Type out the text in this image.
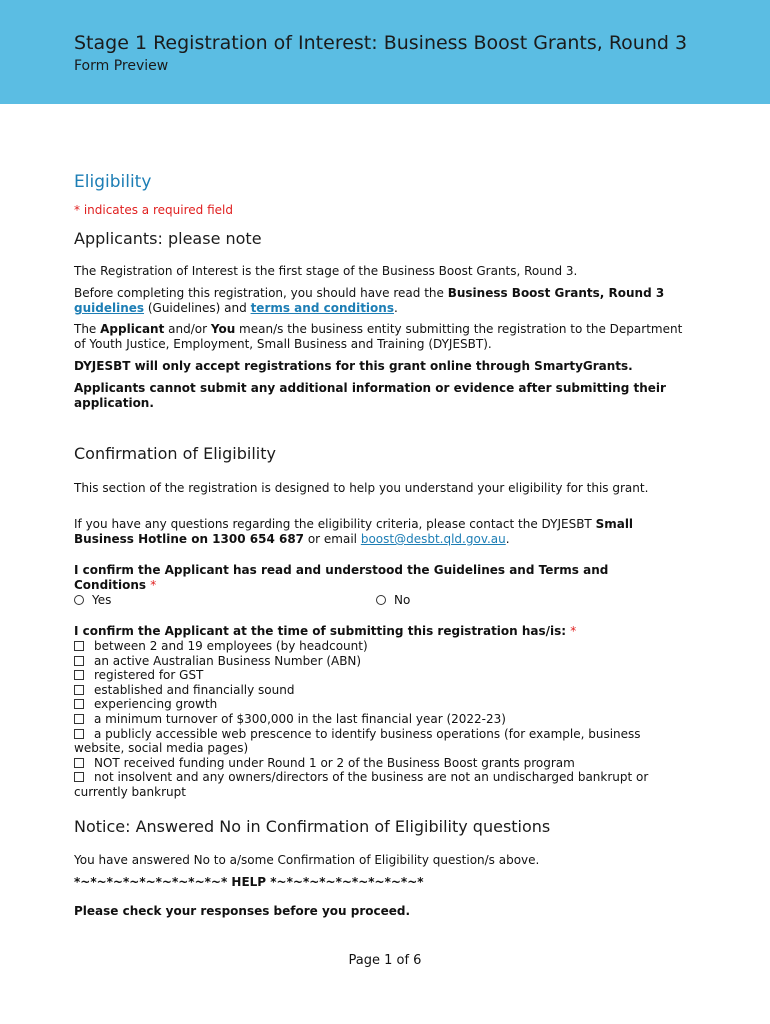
Stage 1 Registration of Interest: Business Boost Grants, Round 3
Form Preview
Eligibility
* indicates a required field
Applicants: please note
The Registration of Interest is the first stage of the Business Boost Grants, Round 3.
Before completing this registration, you should have read the Business Boost Grants, Round 3 guidelines (Guidelines) and terms and conditions.
The Applicant and/or You mean/s the business entity submitting the registration to the Department of Youth Justice, Employment, Small Business and Training (DYJESBT).
DYJESBT will only accept registrations for this grant online through SmartyGrants.
Applicants cannot submit any additional information or evidence after submitting their application.
Confirmation of Eligibility
This section of the registration is designed to help you understand your eligibility for this grant.
If you have any questions regarding the eligibility criteria, please contact the DYJESBT Small Business Hotline on 1300 654 687 or email boost@desbt.qld.gov.au.
I confirm the Applicant has read and understood the Guidelines and Terms and Conditions *
Yes	No
I confirm the Applicant at the time of submitting this registration has/is: *
between 2 and 19 employees (by headcount)
an active Australian Business Number (ABN)
registered for GST
established and financially sound
experiencing growth
a minimum turnover of $300,000 in the last financial year (2022-23)
a publicly accessible web prescence to identify business operations (for example, business website, social media pages)
NOT received funding under Round 1 or 2 of the Business Boost grants program
not insolvent and any owners/directors of the business are not an undischarged bankrupt or currently bankrupt
Notice: Answered No in Confirmation of Eligibility questions
You have answered No to a/some Confirmation of Eligibility question/s above.
*~*~*~*~*~*~*~*~*~* HELP *~*~*~*~*~*~*~*~*~*
Please check your responses before you proceed.
Page 1 of 6
